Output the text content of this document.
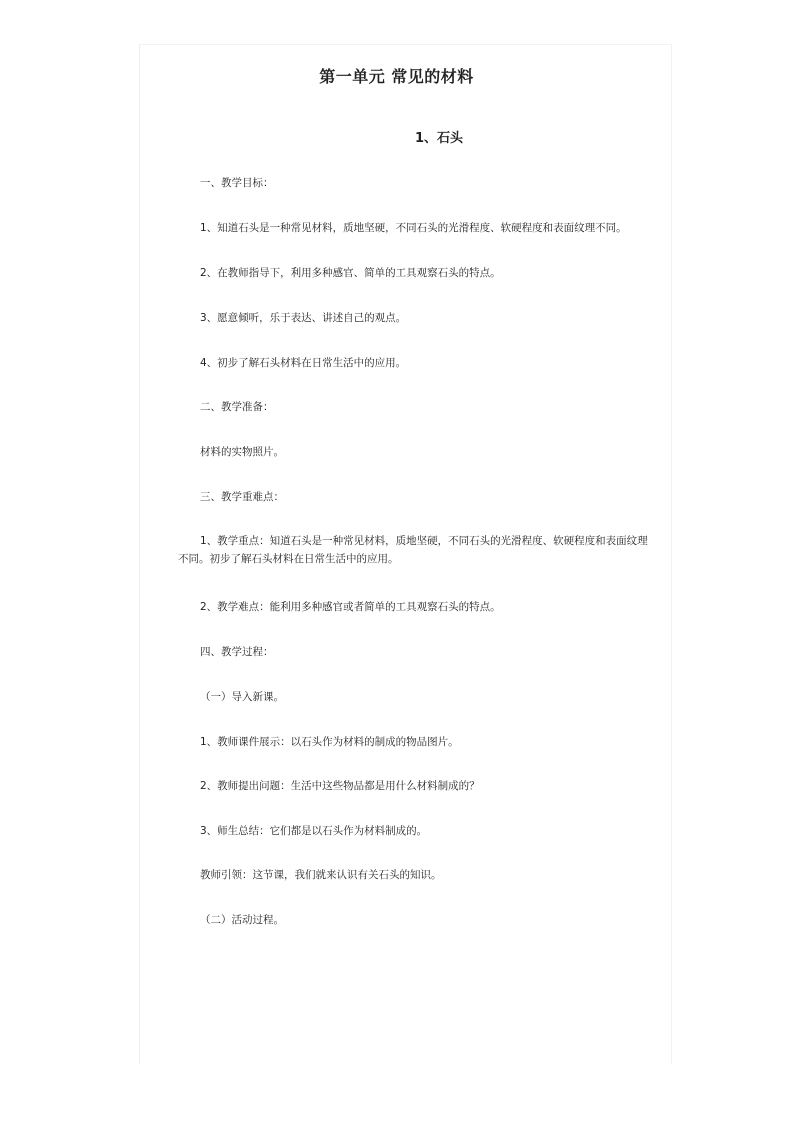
第一单元 常见的材料
1、石头
一、教学目标：
1、知道石头是一种常见材料，质地坚硬，不同石头的光滑程度、软硬程度和表面纹理不同。
2、在教师指导下，利用多种感官、简单的工具观察石头的特点。
3、愿意倾听，乐于表达、讲述自己的观点。
4、初步了解石头材料在日常生活中的应用。
二、教学准备：
材料的实物照片。
三、教学重难点：
1、教学重点：知道石头是一种常见材料，质地坚硬，不同石头的光滑程度、软硬程度和表面纹理不同。初步了解石头材料在日常生活中的应用。
2、教学难点：能利用多种感官或者简单的工具观察石头的特点。
四、教学过程：
（一）导入新课。
1、教师课件展示：以石头作为材料的制成的物品图片。
2、教师提出问题：生活中这些物品都是用什么材料制成的？
3、师生总结：它们都是以石头作为材料制成的。
教师引领：这节课，我们就来认识有关石头的知识。
（二）活动过程。
